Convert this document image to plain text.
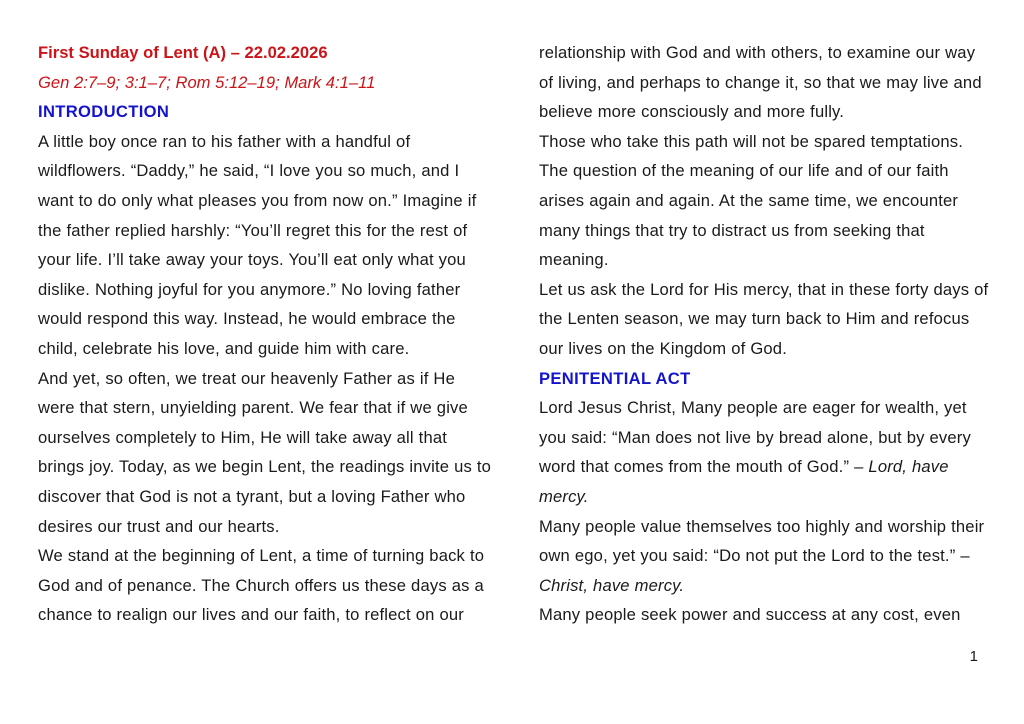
First Sunday of Lent (A) – 22.02.2026
Gen 2:7–9; 3:1–7; Rom 5:12–19; Mark 4:1–11
INTRODUCTION

A little boy once ran to his father with a handful of wildflowers. “Daddy,” he said, “I love you so much, and I want to do only what pleases you from now on.” Imagine if the father replied harshly: “You’ll regret this for the rest of your life. I’ll take away your toys. You’ll eat only what you dislike. Nothing joyful for you anymore.” No loving father would respond this way. Instead, he would embrace the child, celebrate his love, and guide him with care.

And yet, so often, we treat our heavenly Father as if He were that stern, unyielding parent. We fear that if we give ourselves completely to Him, He will take away all that brings joy. Today, as we begin Lent, the readings invite us to discover that God is not a tyrant, but a loving Father who desires our trust and our hearts.

We stand at the beginning of Lent, a time of turning back to God and of penance. The Church offers us these days as a chance to realign our lives and our faith, to reflect on our

relationship with God and with others, to examine our way of living, and perhaps to change it, so that we may live and believe more consciously and more fully.

Those who take this path will not be spared temptations. The question of the meaning of our life and of our faith arises again and again. At the same time, we encounter many things that try to distract us from seeking that meaning.

Let us ask the Lord for His mercy, that in these forty days of the Lenten season, we may turn back to Him and refocus our lives on the Kingdom of God.

PENITENTIAL ACT

Lord Jesus Christ, Many people are eager for wealth, yet you said: “Man does not live by bread alone, but by every word that comes from the mouth of God.” – Lord, have mercy.

Many people value themselves too highly and worship their own ego, yet you said: “Do not put the Lord to the test.” – Christ, have mercy.

Many people seek power and success at any cost, even

1
